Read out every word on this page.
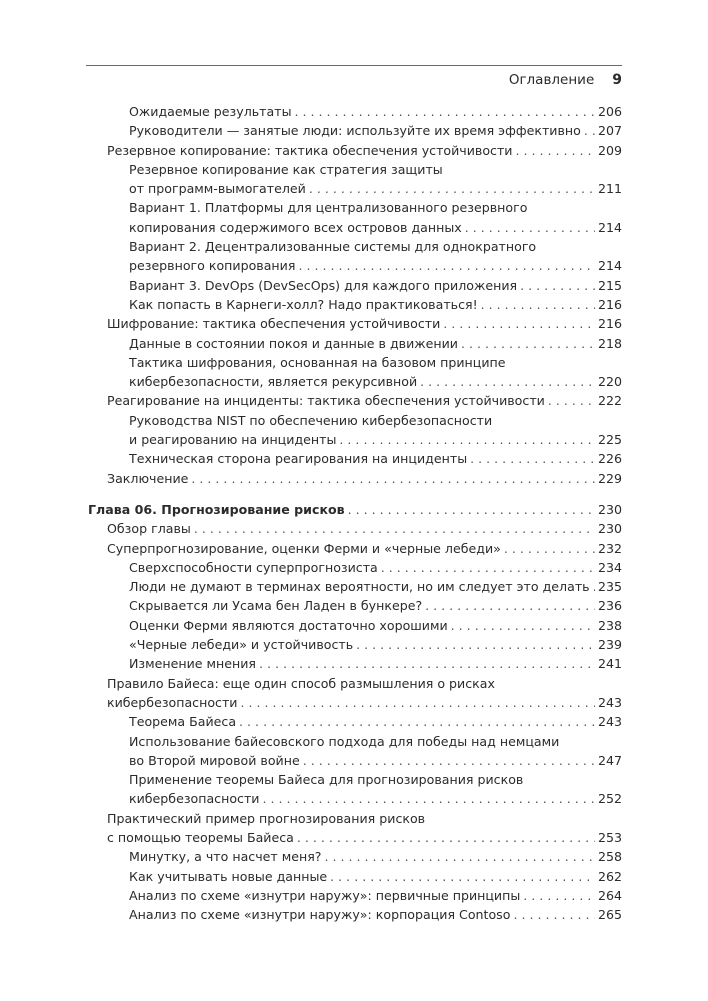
Оглавление 9
Ожидаемые результаты . . .	206
Руководители — занятые люди: используйте их время эффективно . . . 207
Резервное копирование: тактика обеспечения устойчивости . . .	209
Резервное копирование как стратегия защиты
от программ-вымогателей . . .	211
Вариант 1. Платформы для централизованного резервного
копирования содержимого всех островов данных . . .	214
Вариант 2. Децентрализованные системы для однократного
резервного копирования . . .	214
Вариант 3. DevOps (DevSecOps) для каждого приложения . . .	215
Как попасть в Карнеги-холл? Надо практиковаться! . . .	216
Шифрование: тактика обеспечения устойчивости . . .	216
Данные в состоянии покоя и данные в движении . . .	218
Тактика шифрования, основанная на базовом принципе
кибербезопасности, является рекурсивной . . .	220
Реагирование на инциденты: тактика обеспечения устойчивости . . .	222
Руководства NIST по обеспечению кибербезопасности
и реагированию на инциденты . . .	225
Техническая сторона реагирования на инциденты . . .	226
Заключение . . .	229
Глава 06. Прогнозирование рисков . . .	230
Обзор главы . . .	230
Суперпрогнозирование, оценки Ферми и «черные лебеди» . . .	232
Сверхспособности суперпрогнозиста . . .	234
Люди не думают в терминах вероятности, но им следует это делать . . . 235
Скрывается ли Усама бен Ладен в бункере? . . .	236
Оценки Ферми являются достаточно хорошими . . .	238
«Черные лебеди» и устойчивость . . .	239
Изменение мнения . . .	241
Правило Байеса: еще один способ размышления о рисках
кибербезопасности . . .	243
Теорема Байеса . . .	243
Использование байесовского подхода для победы над немцами
во Второй мировой войне . . .	247
Применение теоремы Байеса для прогнозирования рисков
кибербезопасности . . .	252
Практический пример прогнозирования рисков
с помощью теоремы Байеса . . .	253
Минутку, а что насчет меня? . . .	258
Как учитывать новые данные . . .	262
Анализ по схеме «изнутри наружу»: первичные принципы . . .	264
Анализ по схеме «изнутри наружу»: корпорация Contoso . . .	265
